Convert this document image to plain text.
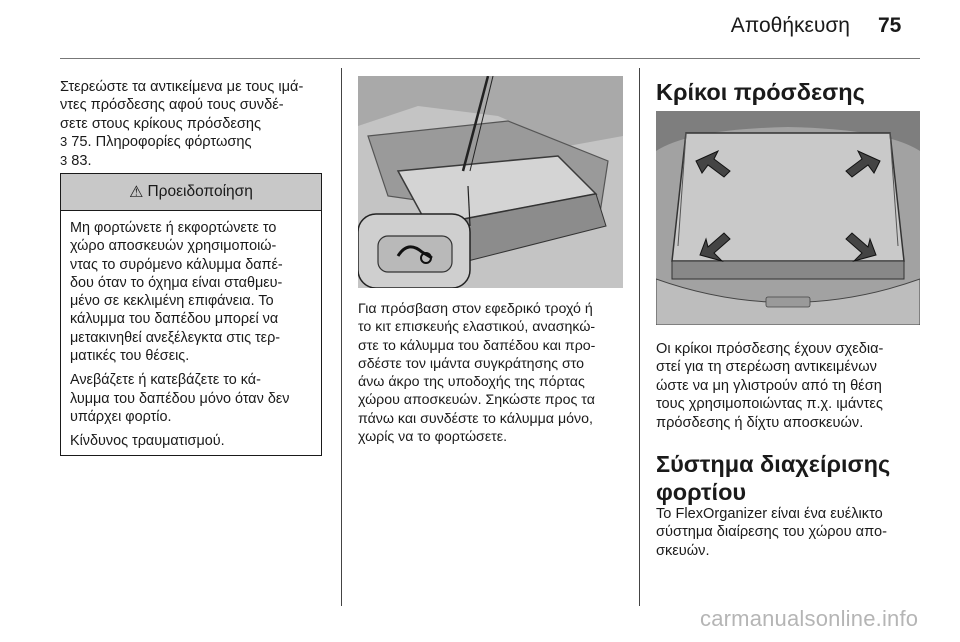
Αποθήκευση 75

Στερεώστε τα αντικείμενα με τους ιμά-

ντες πρόσδεσης αφού τους συνδέ-

σετε στους κρίκους πρόσδεσης

3 75. Πληροφορίες φόρτωσης

3 83.

⚠ Προειδοποίηση

Μη φορτώνετε ή εκφορτώνετε το
χώρο αποσκευών χρησιμοποιώ-
ντας το συρόμενο κάλυμμα δαπέ-
δου όταν το όχημα είναι σταθμευ-
μένο σε κεκλιμένη επιφάνεια. Το
κάλυμμα του δαπέδου μπορεί να
μετακινηθεί ανεξέλεγκτα στις τερ-
ματικές του θέσεις.

Ανεβάζετε ή κατεβάζετε το κά-
λυμμα του δαπέδου μόνο όταν δεν
υπάρχει φορτίο.

Κίνδυνος τραυματισμού.

Για πρόσβαση στον εφεδρικό τροχό ή

το κιτ επισκευής ελαστικού, ανασηκώ-

στε το κάλυμμα του δαπέδου και προ-

σδέστε τον ιμάντα συγκράτησης στο

άνω άκρο της υποδοχής της πόρτας

χώρου αποσκευών. Σηκώστε προς τα

πάνω και συνδέστε το κάλυμμα μόνο,

χωρίς να το φορτώσετε.

Κρίκοι πρόσδεσης

Οι κρίκοι πρόσδεσης έχουν σχεδια-

στεί για τη στερέωση αντικειμένων

ώστε να μη γλιστρούν από τη θέση

τους χρησιμοποιώντας π.χ. ιμάντες

πρόσδεσης ή δίχτυ αποσκευών.

Σύστημα διαχείρισης
φορτίου

Το FlexOrganizer είναι ένα ευέλικτο

σύστημα διαίρεσης του χώρου απο-

σκευών.

carmanualsonline.info
